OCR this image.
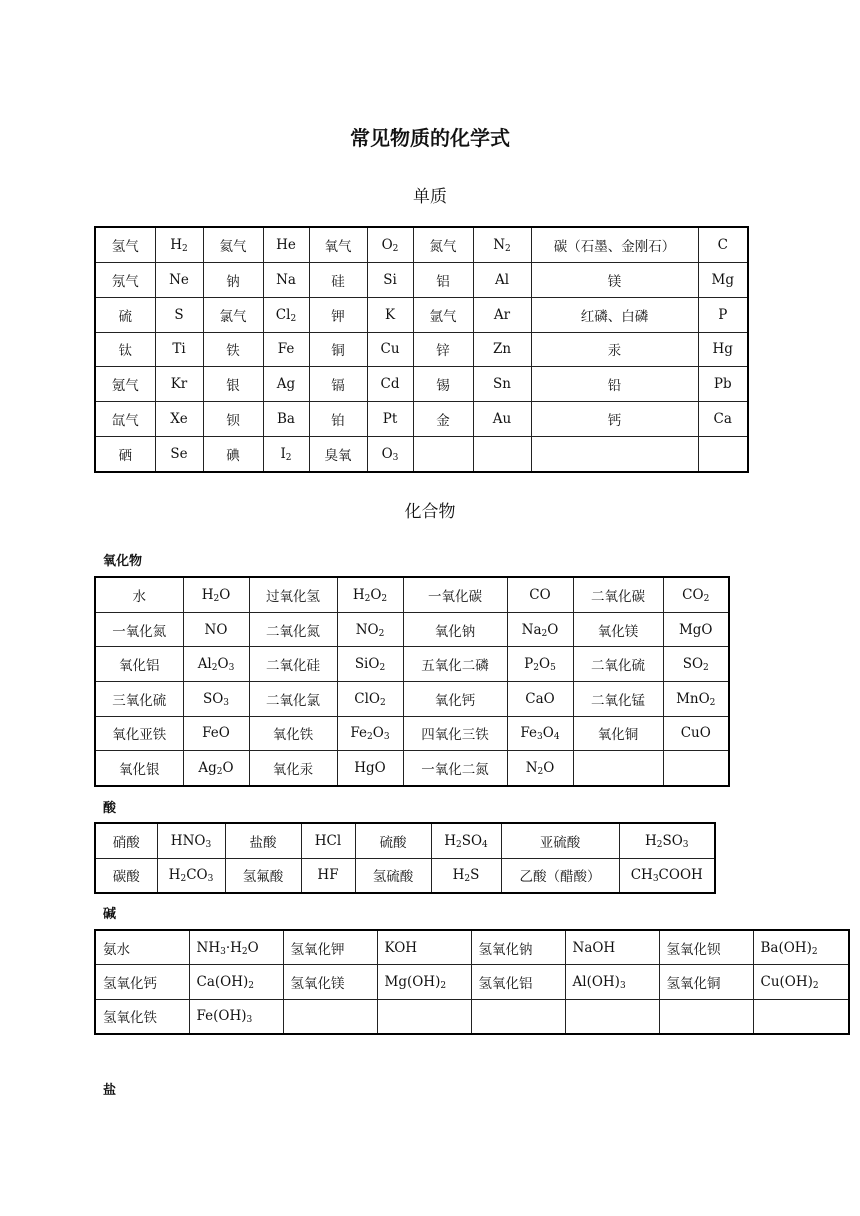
常见物质的化学式
单质
氢气	$H_2$	氦气	He	氧气	$O_2$	氮气	$N_2$	碳（石墨、金刚石）	C
氖气	Ne	钠	Na	硅	Si	铝	Al	镁	Mg
硫	S	氯气	$Cl_2$	钾	K	氩气	Ar	红磷、白磷	P
钛	Ti	铁	Fe	铜	Cu	锌	Zn	汞	Hg
氪气	Kr	银	Ag	镉	Cd	锡	Sn	铅	Pb
氙气	Xe	钡	Ba	铂	Pt	金	Au	钙	Ca
硒	Se	碘	$I_2$	臭氧	$O_3$				
化合物
氧化物
水	$H_2O$	过氧化氢	$H_2O_2$	一氧化碳	CO	二氧化碳	$CO_2$
一氧化氮	NO	二氧化氮	$NO_2$	氧化钠	$Na_2O$	氧化镁	MgO
氧化铝	$Al_2O_3$	二氧化硅	SiO$_2$	五氧化二磷	$P_2O_5$	二氧化硫	$SO_2$
三氧化硫	$SO_3$	二氧化氯	ClO$_2$	氧化钙	CaO	二氧化锰	MnO$_2$
氧化亚铁	FeO	氧化铁	$Fe_2O_3$	四氧化三铁	$Fe_3O_4$	氧化铜	CuO
氧化银	$Ag_2O$	氧化汞	HgO	一氧化二氮	$N_2O$		
酸
硝酸	$HNO_3$	盐酸	HCl	硫酸	$H_2SO_4$	亚硫酸	$H_2SO_3$
碳酸	$H_2CO_3$	氢氟酸	HF	氢硫酸	$H_2S$	乙酸（醋酸）	$CH_3COOH$
碱
氨水	$NH_3\cdot H_2O$	氢氧化钾	KOH	氢氧化钠	NaOH	氢氧化钡	$Ba(OH)_2$
氢氧化钙	$Ca(OH)_2$	氢氧化镁	$Mg(OH)_2$	氢氧化铝	$Al(OH)_3$	氢氧化铜	$Cu(OH)_2$
氢氧化铁	$Fe(OH)_3$						
盐
